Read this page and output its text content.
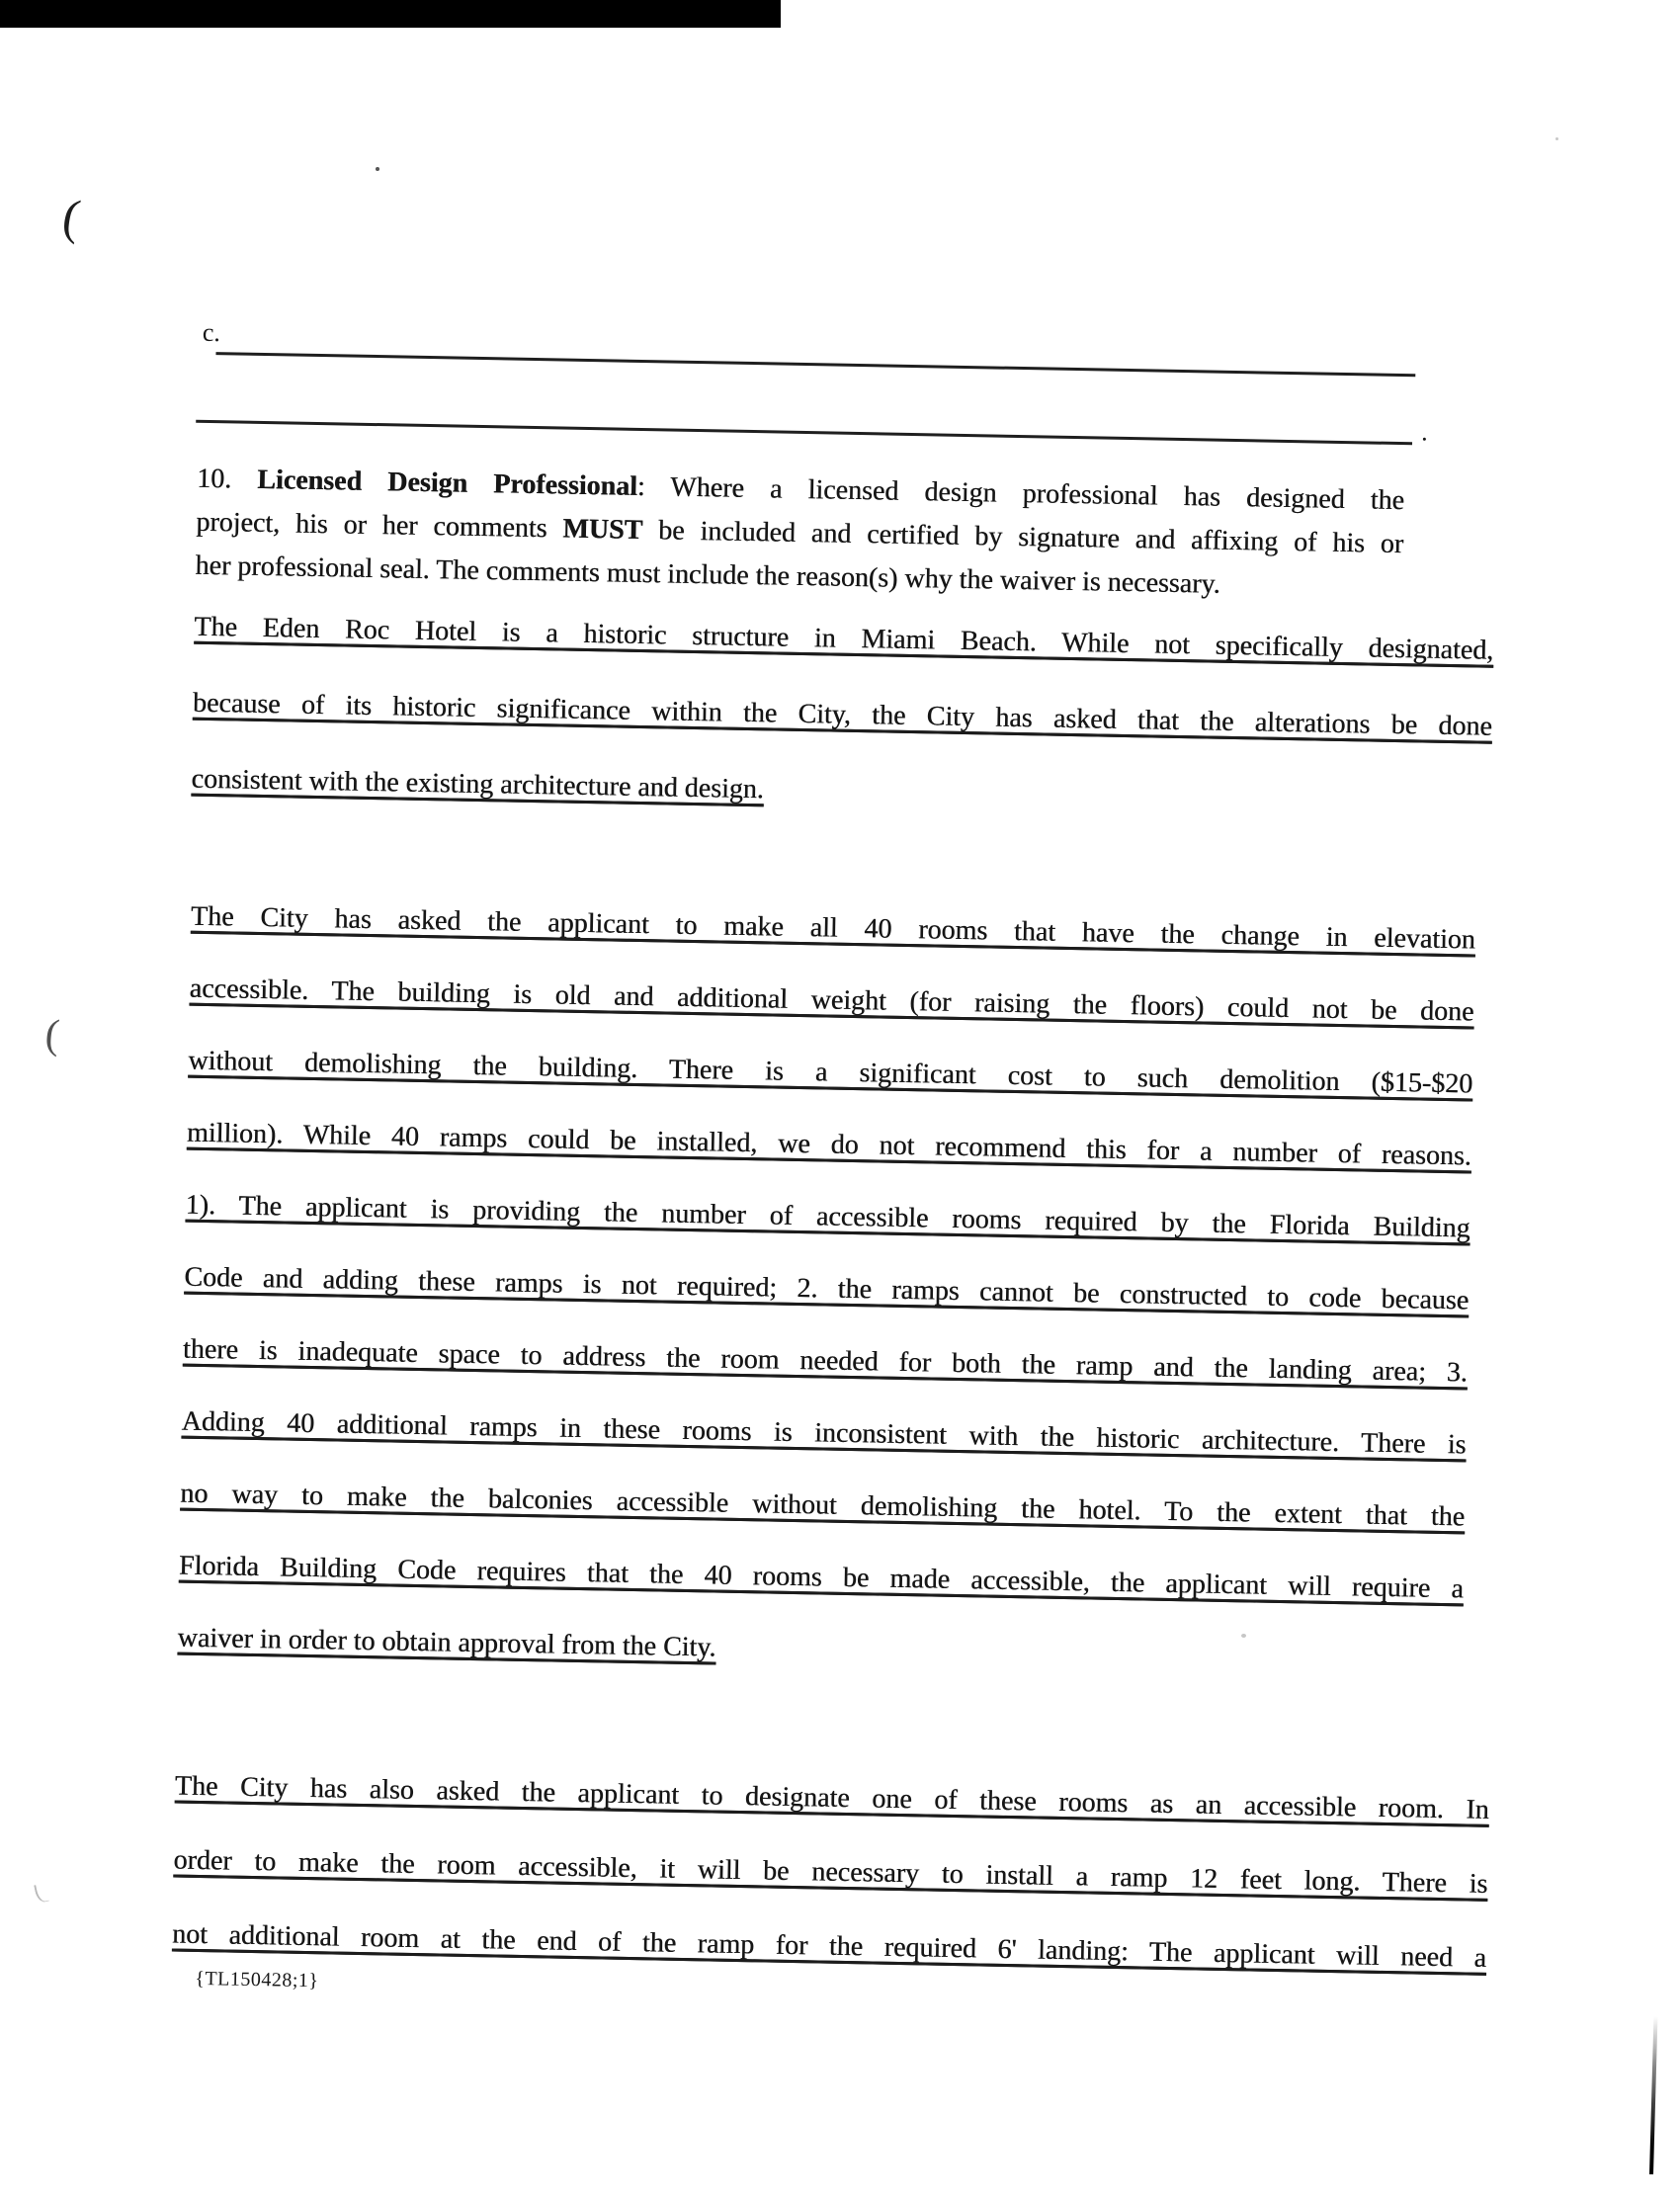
(
(
c.
.
10. Licensed Design Professional: Where a licensed design professional has designed the
project, his or her comments MUST be included and certified by signature and affixing of his or
her professional seal. The comments must include the reason(s) why the waiver is necessary.
The Eden Roc Hotel is a historic structure in Miami Beach. While not specifically designated,
because of its historic significance within the City, the City has asked that the alterations be done
consistent with the existing architecture and design.
The City has asked the applicant to make all 40 rooms that have the change in elevation
accessible. The building is old and additional weight (for raising the floors) could not be done
without demolishing the building. There is a significant cost to such demolition ($15-$20
million). While 40 ramps could be installed, we do not recommend this for a number of reasons.
1). The applicant is providing the number of accessible rooms required by the Florida Building
Code and adding these ramps is not required; 2. the ramps cannot be constructed to code because
there is inadequate space to address the room needed for both the ramp and the landing area; 3.
Adding 40 additional ramps in these rooms is inconsistent with the historic architecture. There is
no way to make the balconies accessible without demolishing the hotel. To the extent that the
Florida Building Code requires that the 40 rooms be made accessible, the applicant will require a
waiver in order to obtain approval from the City.
The City has also asked the applicant to designate one of these rooms as an accessible room. In
order to make the room accessible, it will be necessary to install a ramp 12 feet long. There is
not additional room at the end of the ramp for the required 6' landing: The applicant will need a
{TL150428;1}
